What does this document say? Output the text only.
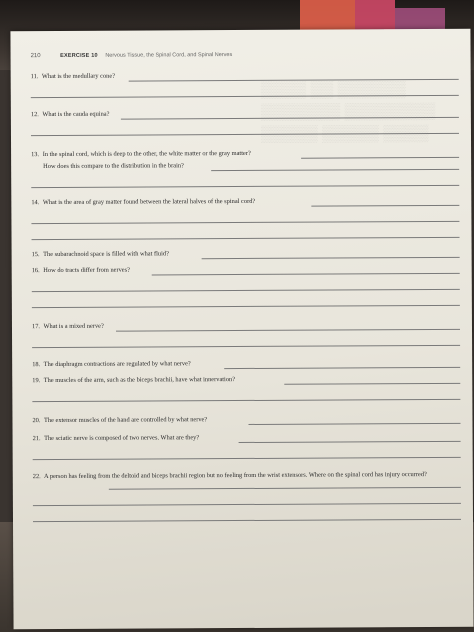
▒▒▒▒ ▒▒ ▒▒▒▒▒▒
▒▒▒▒▒▒▒ ▒▒▒▒▒▒▒▒
▒▒▒▒▒ ▒▒▒▒▒ ▒▒▒▒
210	EXERCISE 10 Nervous Tissue, the Spinal Cord, and Spinal Nerves
11. What is the medullary cone?
12. What is the cauda equina?
13. In the spinal cord, which is deep to the other, the white matter or the gray matter?
How does this compare to the distribution in the brain?
14. What is the area of gray matter found between the lateral halves of the spinal cord?
15. The subarachnoid space is filled with what fluid?
16. How do tracts differ from nerves?
17. What is a mixed nerve?
18. The diaphragm contractions are regulated by what nerve?
19. The muscles of the arm, such as the biceps brachii, have what innervation?
20. The extensor muscles of the hand are controlled by what nerve?
21. The sciatic nerve is composed of two nerves. What are they?
22. A person has feeling from the deltoid and biceps brachii region but no feeling from the wrist extensors. Where on the spinal cord has injury occurred?
